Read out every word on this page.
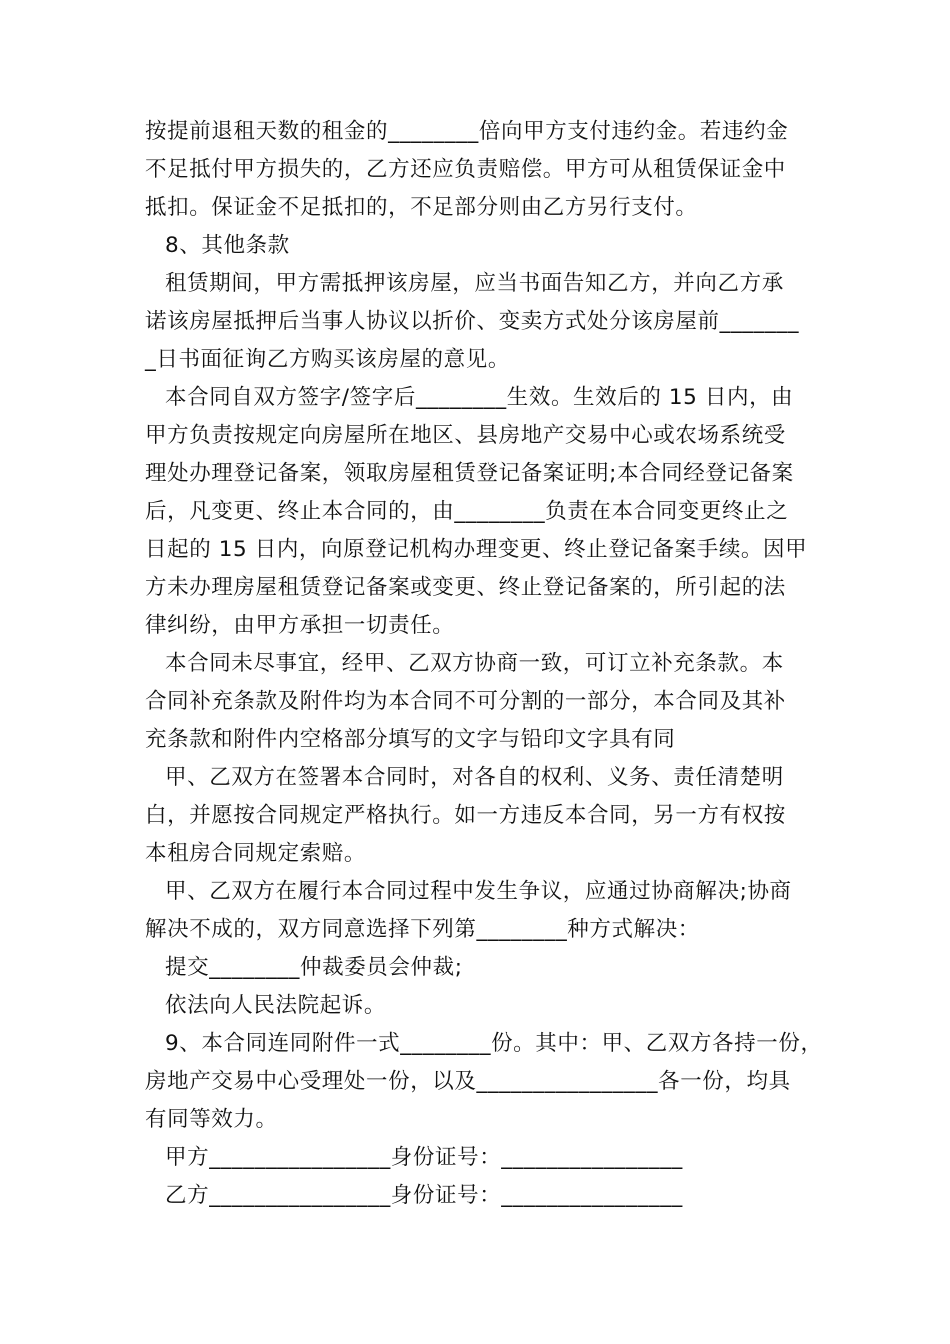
按提前退租天数的租金的________倍向甲方支付违约金。若违约金
不足抵付甲方损失的，乙方还应负责赔偿。甲方可从租赁保证金中
抵扣。保证金不足抵扣的，不足部分则由乙方另行支付。
8、其他条款
租赁期间，甲方需抵押该房屋，应当书面告知乙方，并向乙方承
诺该房屋抵押后当事人协议以折价、变卖方式处分该房屋前_______
_日书面征询乙方购买该房屋的意见。
本合同自双方签字/签字后________生效。生效后的 15 日内，由
甲方负责按规定向房屋所在地区、县房地产交易中心或农场系统受
理处办理登记备案，领取房屋租赁登记备案证明;本合同经登记备案
后，凡变更、终止本合同的，由________负责在本合同变更终止之
日起的 15 日内，向原登记机构办理变更、终止登记备案手续。因甲
方未办理房屋租赁登记备案或变更、终止登记备案的，所引起的法
律纠纷，由甲方承担一切责任。
本合同未尽事宜，经甲、乙双方协商一致，可订立补充条款。本
合同补充条款及附件均为本合同不可分割的一部分，本合同及其补
充条款和附件内空格部分填写的文字与铅印文字具有同
甲、乙双方在签署本合同时，对各自的权利、义务、责任清楚明
白，并愿按合同规定严格执行。如一方违反本合同，另一方有权按
本租房合同规定索赔。
甲、乙双方在履行本合同过程中发生争议，应通过协商解决;协商
解决不成的，双方同意选择下列第________种方式解决：
提交________仲裁委员会仲裁;
依法向人民法院起诉。
9、本合同连同附件一式________份。其中：甲、乙双方各持一份，
房地产交易中心受理处一份，以及________________各一份，均具
有同等效力。
甲方________________身份证号：________________
乙方________________身份证号：________________
